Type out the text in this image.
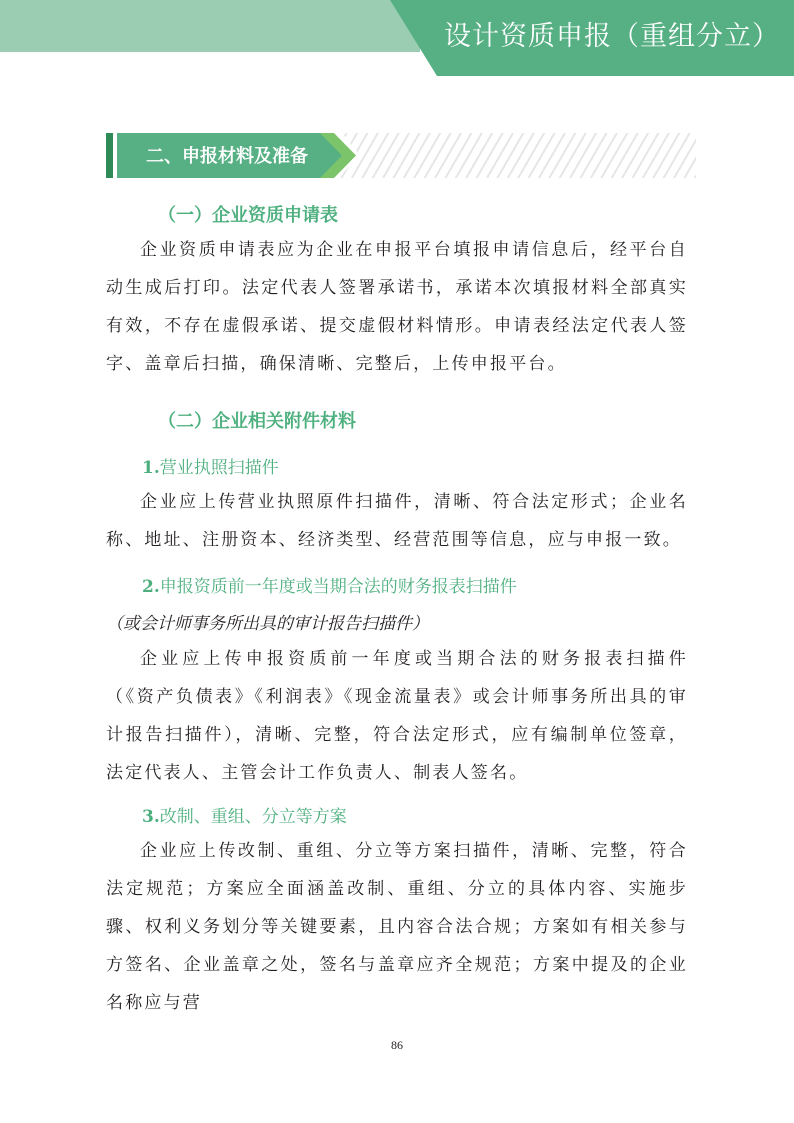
设计资质申报（重组分立）
二、申报材料及准备
（一）企业资质申请表

企业资质申请表应为企业在申报平台填报申请信息后，经平台自动生成后打印。法定代表人签署承诺书，承诺本次填报材料全部真实有效，不存在虚假承诺、提交虚假材料情形。申请表经法定代表人签字、盖章后扫描，确保清晰、完整后，上传申报平台。

（二）企业相关附件材料
1.营业执照扫描件

企业应上传营业执照原件扫描件，清晰、符合法定形式；企业名称、地址、注册资本、经济类型、经营范围等信息，应与申报一致。

2.申报资质前一年度或当期合法的财务报表扫描件
（或会计师事务所出具的审计报告扫描件）

企业应上传申报资质前一年度或当期合法的财务报表扫描件（《资产负债表》《利润表》《现金流量表》或会计师事务所出具的审计报告扫描件），清晰、完整，符合法定形式，应有编制单位签章，法定代表人、主管会计工作负责人、制表人签名。

3.改制、重组、分立等方案

企业应上传改制、重组、分立等方案扫描件，清晰、完整，符合法定规范；方案应全面涵盖改制、重组、分立的具体内容、实施步骤、权利义务划分等关键要素，且内容合法合规；方案如有相关参与方签名、企业盖章之处，签名与盖章应齐全规范；方案中提及的企业名称应与营

86
